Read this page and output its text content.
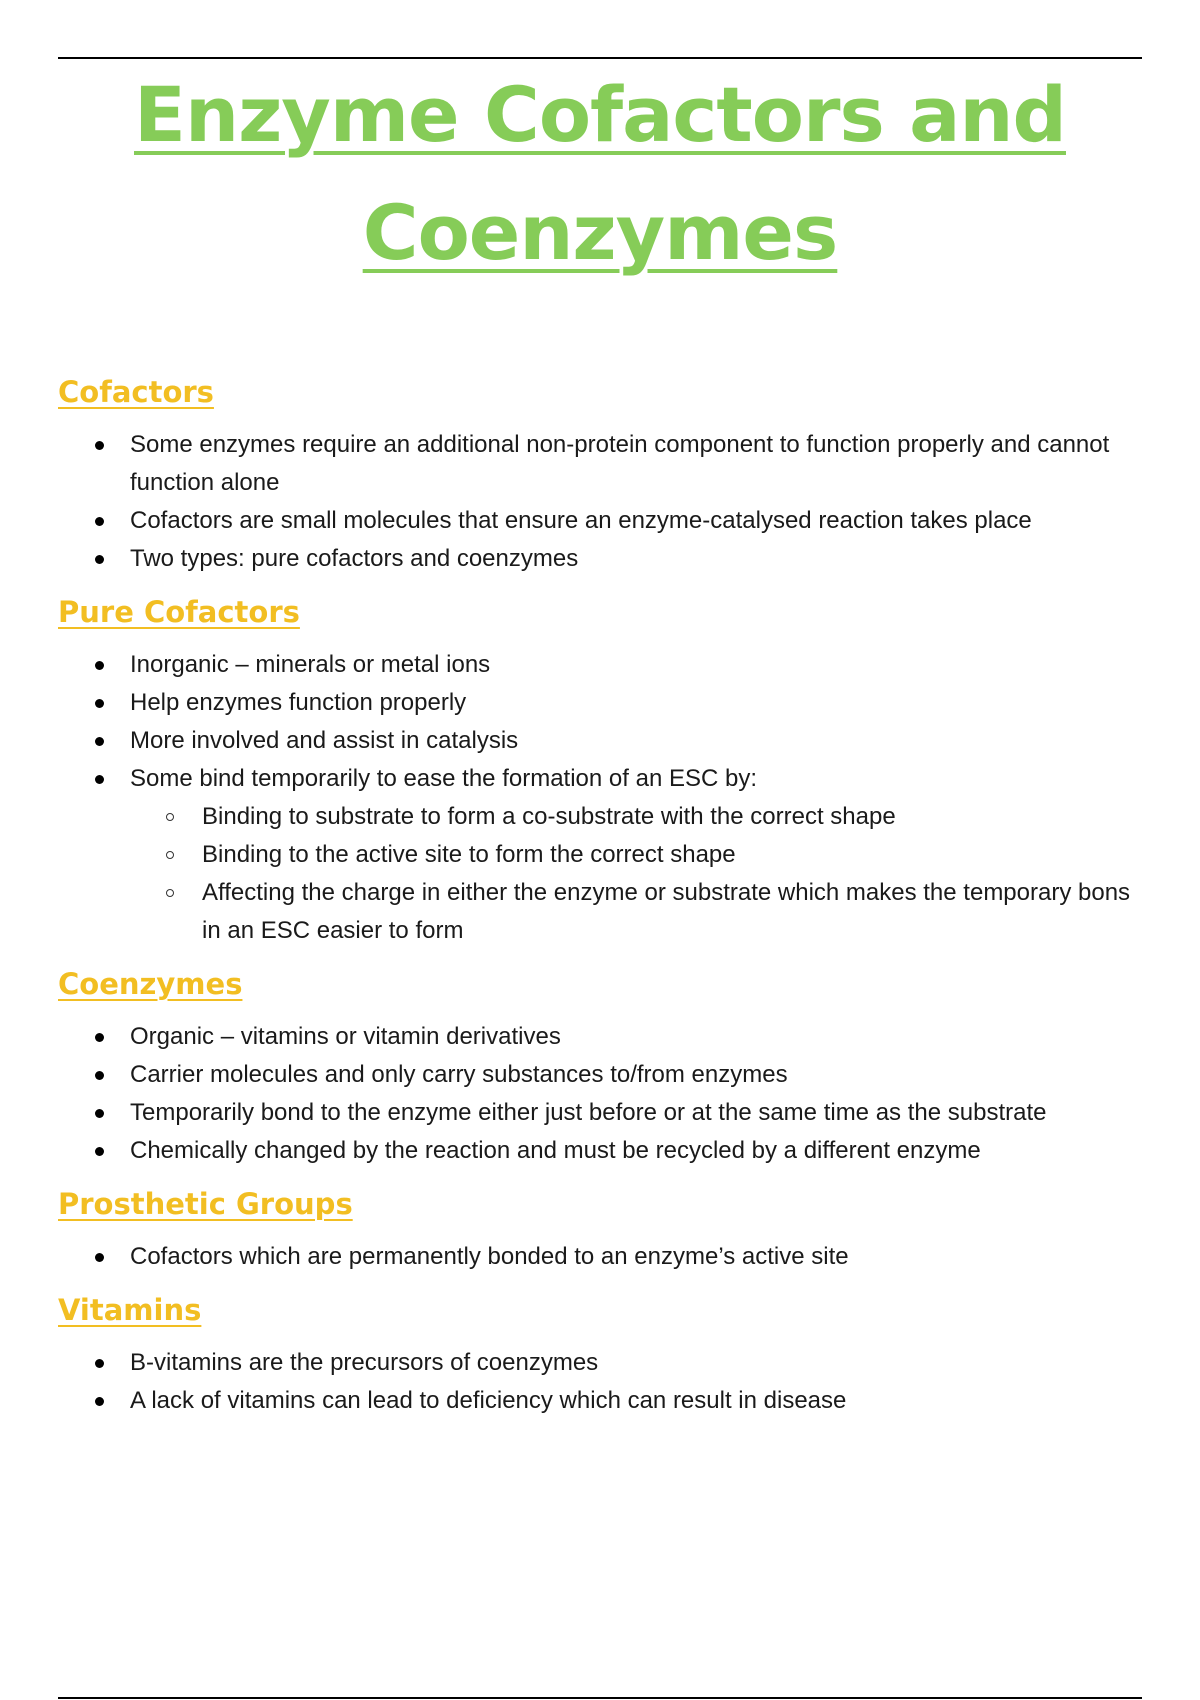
Enzyme Cofactors and
Coenzymes
Cofactors
Some enzymes require an additional non-protein component to function properly and cannot function alone
Cofactors are small molecules that ensure an enzyme-catalysed reaction takes place
Two types: pure cofactors and coenzymes
Pure Cofactors
Inorganic – minerals or metal ions
Help enzymes function properly
More involved and assist in catalysis
Some bind temporarily to ease the formation of an ESC by:
Binding to substrate to form a co-substrate with the correct shape
Binding to the active site to form the correct shape
Affecting the charge in either the enzyme or substrate which makes the temporary bons in an ESC easier to form
Coenzymes
Organic – vitamins or vitamin derivatives
Carrier molecules and only carry substances to/from enzymes
Temporarily bond to the enzyme either just before or at the same time as the substrate
Chemically changed by the reaction and must be recycled by a different enzyme
Prosthetic Groups
Cofactors which are permanently bonded to an enzyme’s active site
Vitamins
B-vitamins are the precursors of coenzymes
A lack of vitamins can lead to deficiency which can result in disease
